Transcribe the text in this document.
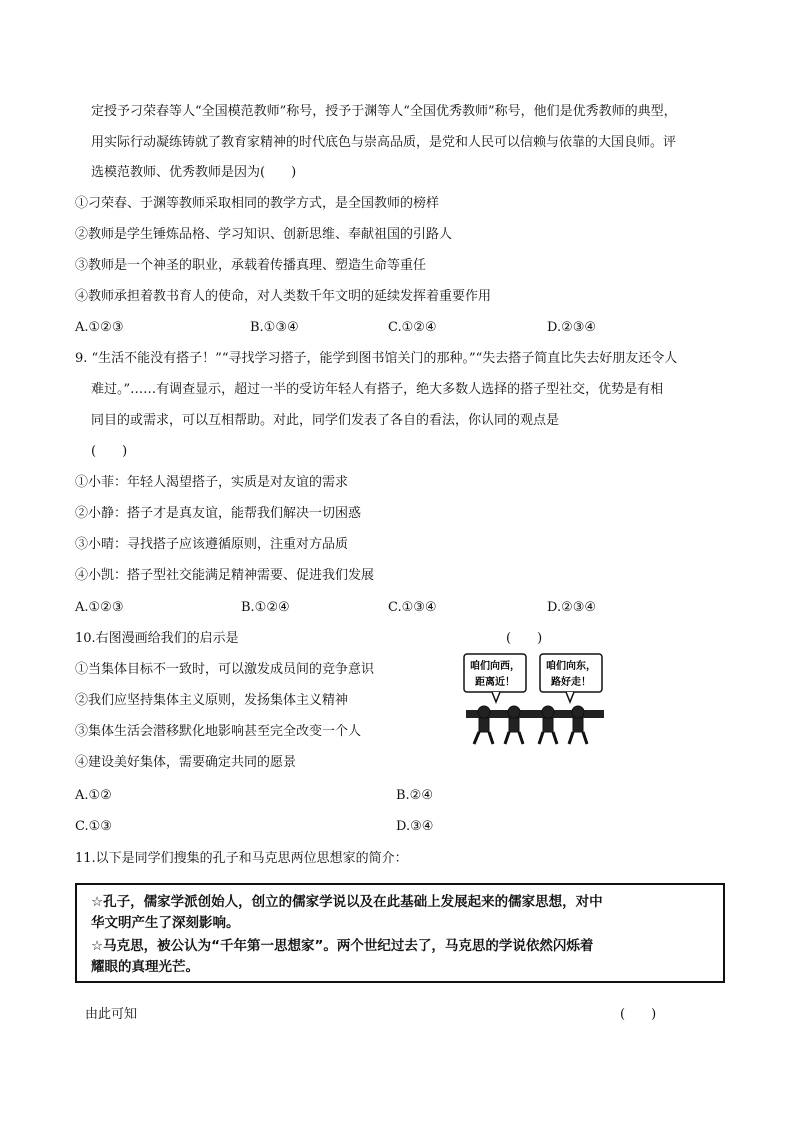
定授予刁荣春等人“全国模范教师”称号，授予于渊等人“全国优秀教师”称号，他们是优秀教师的典型，
用实际行动凝练铸就了教育家精神的时代底色与崇高品质，是党和人民可以信赖与依靠的大国良师。评
选模范教师、优秀教师是因为(　　)
①刁荣春、于渊等教师采取相同的教学方式，是全国教师的榜样
②教师是学生锤炼品格、学习知识、创新思维、奉献祖国的引路人
③教师是一个神圣的职业，承载着传播真理、塑造生命等重任
④教师承担着教书育人的使命，对人类数千年文明的延续发挥着重要作用
A.①②③	B.①③④	C.①②④	D.②③④
9. “生活不能没有搭子！”“寻找学习搭子，能学到图书馆关门的那种。”“失去搭子简直比失去好朋友还令人
难过。”……有调查显示，超过一半的受访年轻人有搭子，绝大多数人选择的搭子型社交，优势是有相
同目的或需求，可以互相帮助。对此，同学们发表了各自的看法，你认同的观点是
(　　)
①小菲：年轻人渴望搭子，实质是对友谊的需求
②小静：搭子才是真友谊，能帮我们解决一切困惑
③小晴：寻找搭子应该遵循原则，注重对方品质
④小凯：搭子型社交能满足精神需要、促进我们发展
A.①②③	B.①②④	C.①③④	D.②③④
10.右图漫画给我们的启示是	(　　)
①当集体目标不一致时，可以激发成员间的竞争意识
②我们应坚持集体主义原则，发扬集体主义精神
③集体生活会潜移默化地影响甚至完全改变一个人
④建设美好集体，需要确定共同的愿景
A.①②	B.②④
C.①③	D.③④
咱们向西，
距离近！
咱们向东，
路好走！
11.以下是同学们搜集的孔子和马克思两位思想家的简介：
☆孔子，儒家学派创始人，创立的儒家学说以及在此基础上发展起来的儒家思想，对中
华文明产生了深刻影响。
☆马克思，被公认为“千年第一思想家”。两个世纪过去了，马克思的学说依然闪烁着
耀眼的真理光芒。
由此可知	(　　)
